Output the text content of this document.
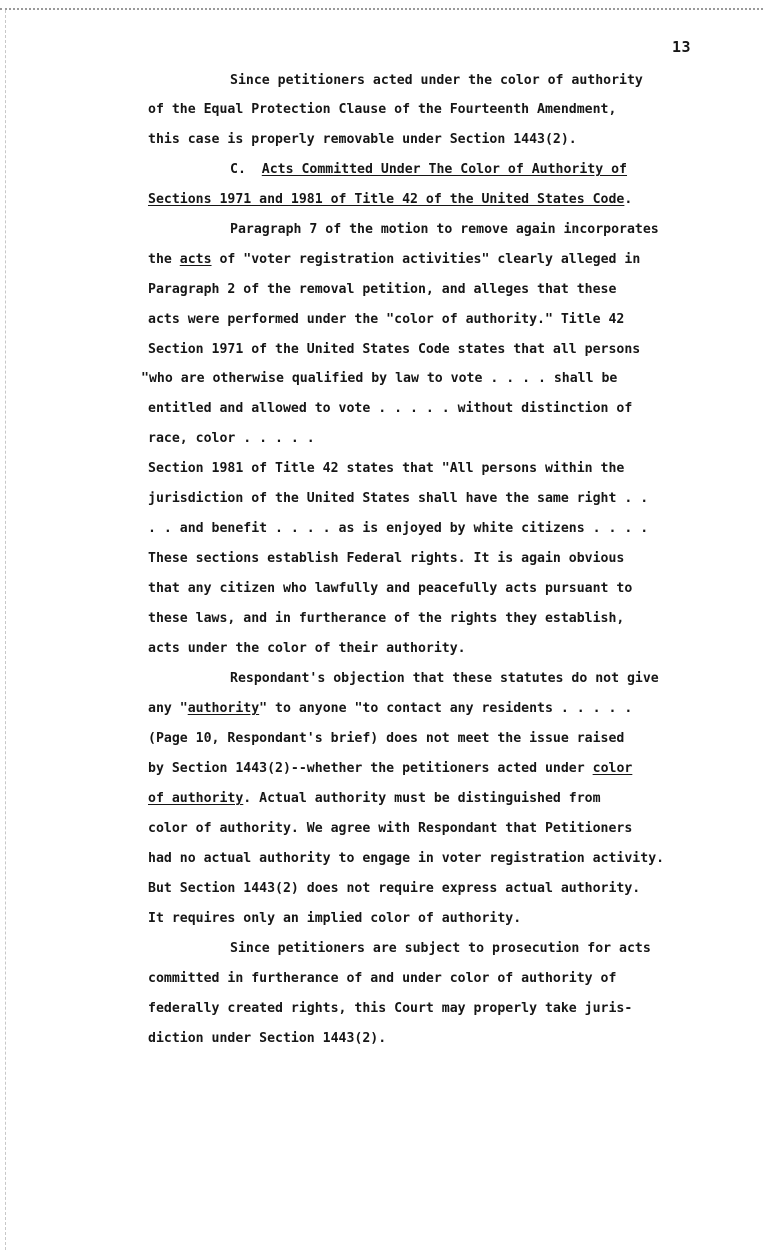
13
Since petitioners acted under the color of authority
of the Equal Protection Clause of the Fourteenth Amendment,
this case is properly removable under Section 1443(2).
C. Acts Committed Under The Color of Authority of
Sections 1971 and 1981 of Title 42 of the United States Code.
Paragraph 7 of the motion to remove again incorporates
the acts of "voter registration activities" clearly alleged in
Paragraph 2 of the removal petition, and alleges that these
acts were performed under the "color of authority." Title 42
Section 1971 of the United States Code states that all persons
"who are otherwise qualified by law to vote . . . . shall be
entitled and allowed to vote . . . . . without distinction of
race, color . . . . .
Section 1981 of Title 42 states that "All persons within the
jurisdiction of the United States shall have the same right . .
. . and benefit . . . . as is enjoyed by white citizens . . . .
These sections establish Federal rights. It is again obvious
that any citizen who lawfully and peacefully acts pursuant to
these laws, and in furtherance of the rights they establish,
acts under the color of their authority.
Respondant's objection that these statutes do not give
any "authority" to anyone "to contact any residents . . . . .
(Page 10, Respondant's brief) does not meet the issue raised
by Section 1443(2)--whether the petitioners acted under color
of authority. Actual authority must be distinguished from
color of authority. We agree with Respondant that Petitioners
had no actual authority to engage in voter registration activity.
But Section 1443(2) does not require express actual authority.
It requires only an implied color of authority.
Since petitioners are subject to prosecution for acts
committed in furtherance of and under color of authority of
federally created rights, this Court may properly take juris-
diction under Section 1443(2).
